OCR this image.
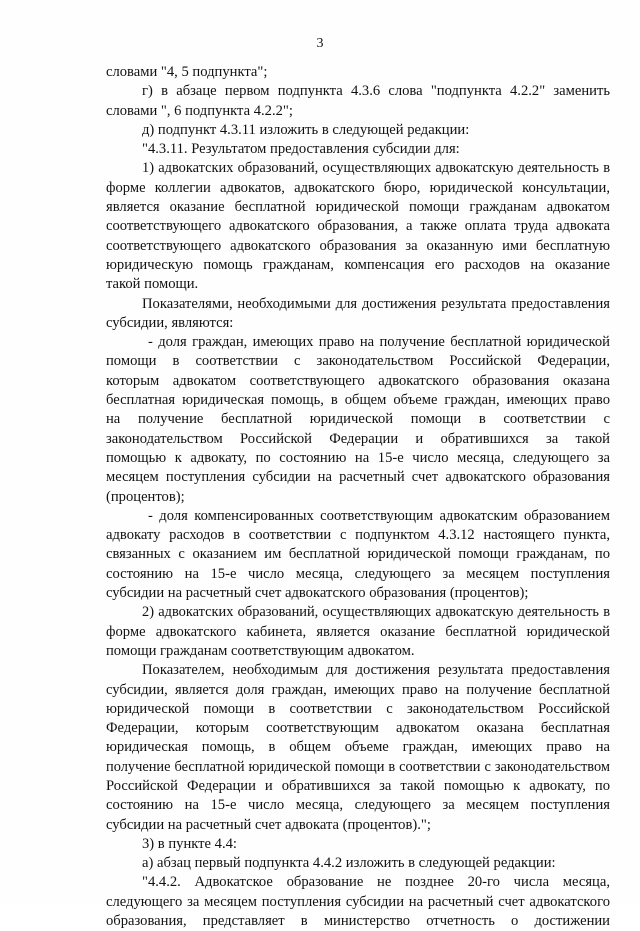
3
словами "4, 5 подпункта";
г) в абзаце первом подпункта 4.3.6 слова "подпункта 4.2.2" заменить
словами ", 6 подпункта 4.2.2";
д) подпункт 4.3.11 изложить в следующей редакции:
"4.3.11. Результатом предоставления субсидии для:
1) адвокатских образований, осуществляющих адвокатскую деятельность в
форме коллегии адвокатов, адвокатского бюро, юридической консультации,
является оказание бесплатной юридической помощи гражданам адвокатом
соответствующего адвокатского образования, а также оплата труда адвоката
соответствующего адвокатского образования за оказанную ими бесплатную
юридическую помощь гражданам, компенсация его расходов на оказание
такой помощи.
Показателями, необходимыми для достижения результата предоставления
субсидии, являются:
- доля граждан, имеющих право на получение бесплатной юридической
помощи в соответствии с законодательством Российской Федерации,
которым адвокатом соответствующего адвокатского образования оказана
бесплатная юридическая помощь, в общем объеме граждан, имеющих право
на получение бесплатной юридической помощи в соответствии с
законодательством Российской Федерации и обратившихся за такой
помощью к адвокату, по состоянию на 15-е число месяца, следующего за
месяцем поступления субсидии на расчетный счет адвокатского образования
(процентов);
- доля компенсированных соответствующим адвокатским образованием
адвокату расходов в соответствии с подпунктом 4.3.12 настоящего пункта,
связанных с оказанием им бесплатной юридической помощи гражданам, по
состоянию на 15-е число месяца, следующего за месяцем поступления
субсидии на расчетный счет адвокатского образования (процентов);
2) адвокатских образований, осуществляющих адвокатскую деятельность в
форме адвокатского кабинета, является оказание бесплатной юридической
помощи гражданам соответствующим адвокатом.
Показателем, необходимым для достижения результата предоставления
субсидии, является доля граждан, имеющих право на получение бесплатной
юридической помощи в соответствии с законодательством Российской
Федерации, которым соответствующим адвокатом оказана бесплатная
юридическая помощь, в общем объеме граждан, имеющих право на
получение бесплатной юридической помощи в соответствии с законодательством
Российской Федерации и обратившихся за такой помощью к адвокату, по
состоянию на 15-е число месяца, следующего за месяцем поступления
субсидии на расчетный счет адвоката (процентов).";
3) в пункте 4.4:
а) абзац первый подпункта 4.4.2 изложить в следующей редакции:
"4.4.2. Адвокатское образование не позднее 20-го числа месяца,
следующего за месяцем поступления субсидии на расчетный счет адвокатского
образования, представляет в министерство отчетность о достижении
